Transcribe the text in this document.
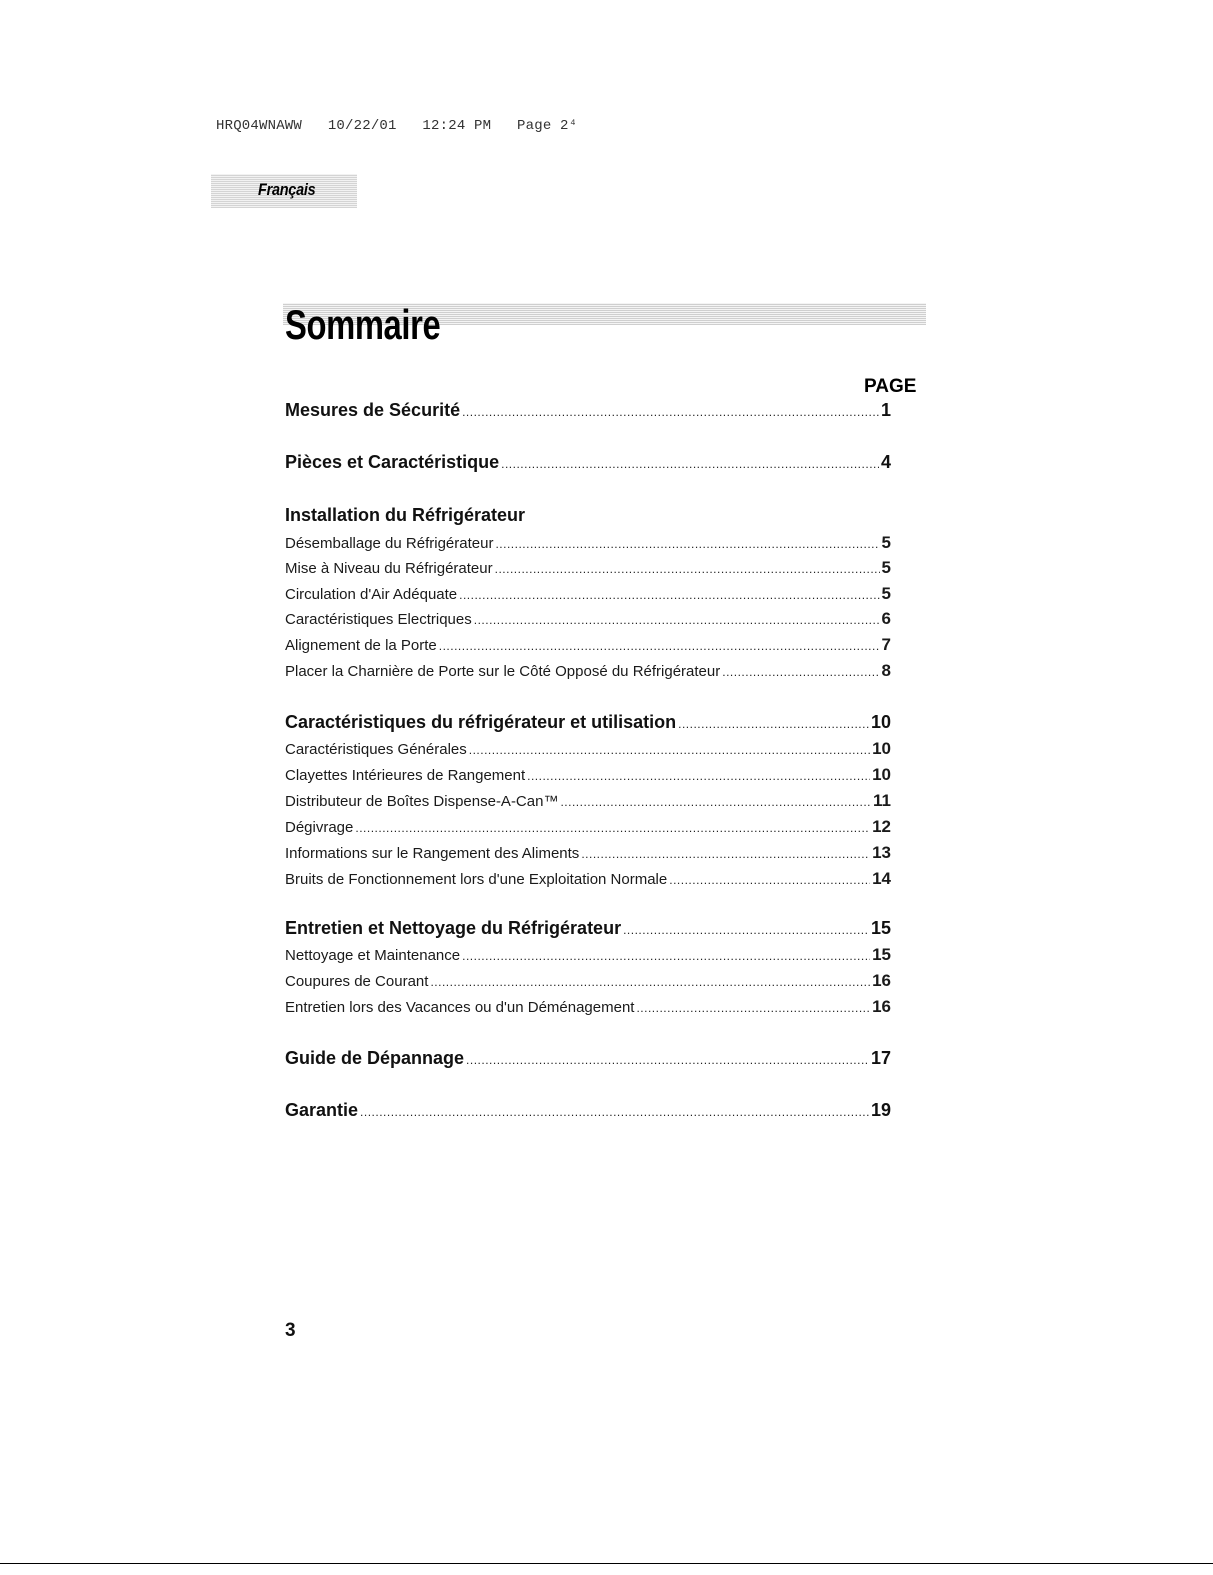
HRQ04WNAWW   10/22/01   12:24 PM   Page 2⁴
Français
Sommaire
PAGE
Mesures de Sécurité .....	1
Pièces et Caractéristique .....	4
Installation du Réfrigérateur
Désemballage du Réfrigérateur .....	5
Mise à Niveau du Réfrigérateur .....	5
Circulation d'Air Adéquate .....	5
Caractéristiques Electriques .....	6
Alignement de la Porte .....	7
Placer la Charnière de Porte sur le Côté Opposé du Réfrigérateur .....	8
Caractéristiques du réfrigérateur et utilisation .....	10
Caractéristiques Générales .....	10
Clayettes Intérieures de Rangement .....	10
Distributeur de Boîtes Dispense-A-Can™ .....	11
Dégivrage .....	12
Informations sur le Rangement des Aliments .....	13
Bruits de Fonctionnement lors d'une Exploitation Normale .....	14
Entretien et Nettoyage du Réfrigérateur .....	15
Nettoyage et Maintenance .....	15
Coupures de Courant .....	16
Entretien lors des Vacances ou d'un Déménagement .....	16
Guide de Dépannage .....	17
Garantie .....	19
3
